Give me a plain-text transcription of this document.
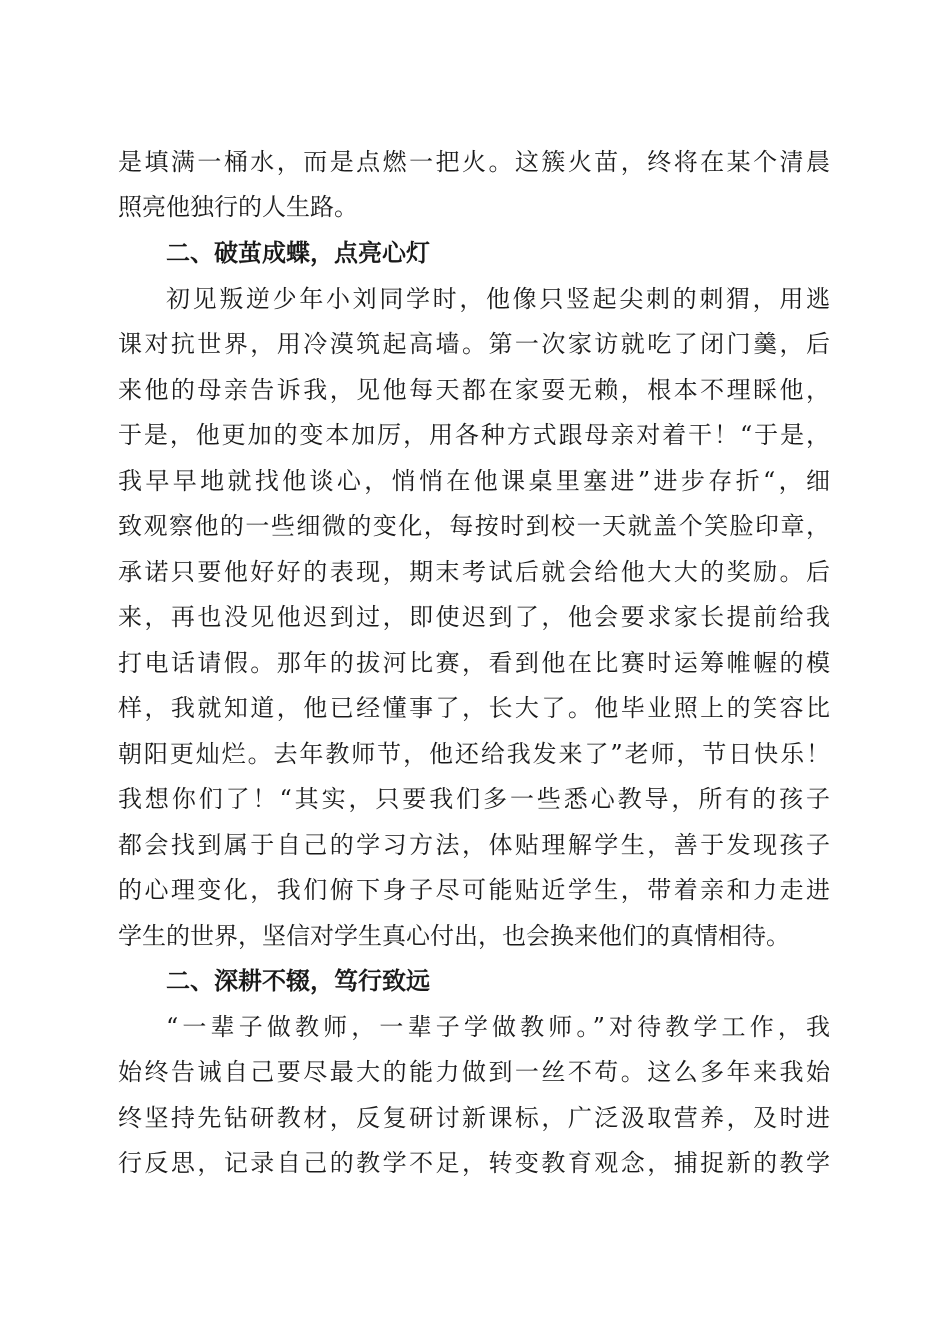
是填满一桶水，而是点燃一把火。这簇火苗，终将在某个清晨
照亮他独行的人生路。
二、破茧成蝶，点亮心灯
初见叛逆少年小刘同学时，他像只竖起尖刺的刺猬，用逃
课对抗世界，用冷漠筑起高墙。第一次家访就吃了闭门羹，后
来他的母亲告诉我，见他每天都在家耍无赖，根本不理睬他，
于是，他更加的变本加厉，用各种方式跟母亲对着干！“于是，
我早早地就找他谈心，悄悄在他课桌里塞进”进步存折“，细
致观察他的一些细微的变化，每按时到校一天就盖个笑脸印章，
承诺只要他好好的表现，期末考试后就会给他大大的奖励。后
来，再也没见他迟到过，即使迟到了，他会要求家长提前给我
打电话请假。那年的拔河比赛，看到他在比赛时运筹帷幄的模
样，我就知道，他已经懂事了，长大了。他毕业照上的笑容比
朝阳更灿烂。去年教师节，他还给我发来了”老师，节日快乐！
我想你们了！“其实，只要我们多一些悉心教导，所有的孩子
都会找到属于自己的学习方法，体贴理解学生，善于发现孩子
的心理变化，我们俯下身子尽可能贴近学生，带着亲和力走进
学生的世界，坚信对学生真心付出，也会换来他们的真情相待。
二、深耕不辍，笃行致远
“一辈子做教师，一辈子学做教师。”对待教学工作，我
始终告诫自己要尽最大的能力做到一丝不苟。这么多年来我始
终坚持先钻研教材，反复研讨新课标，广泛汲取营养，及时进
行反思，记录自己的教学不足，转变教育观念，捕捉新的教学
